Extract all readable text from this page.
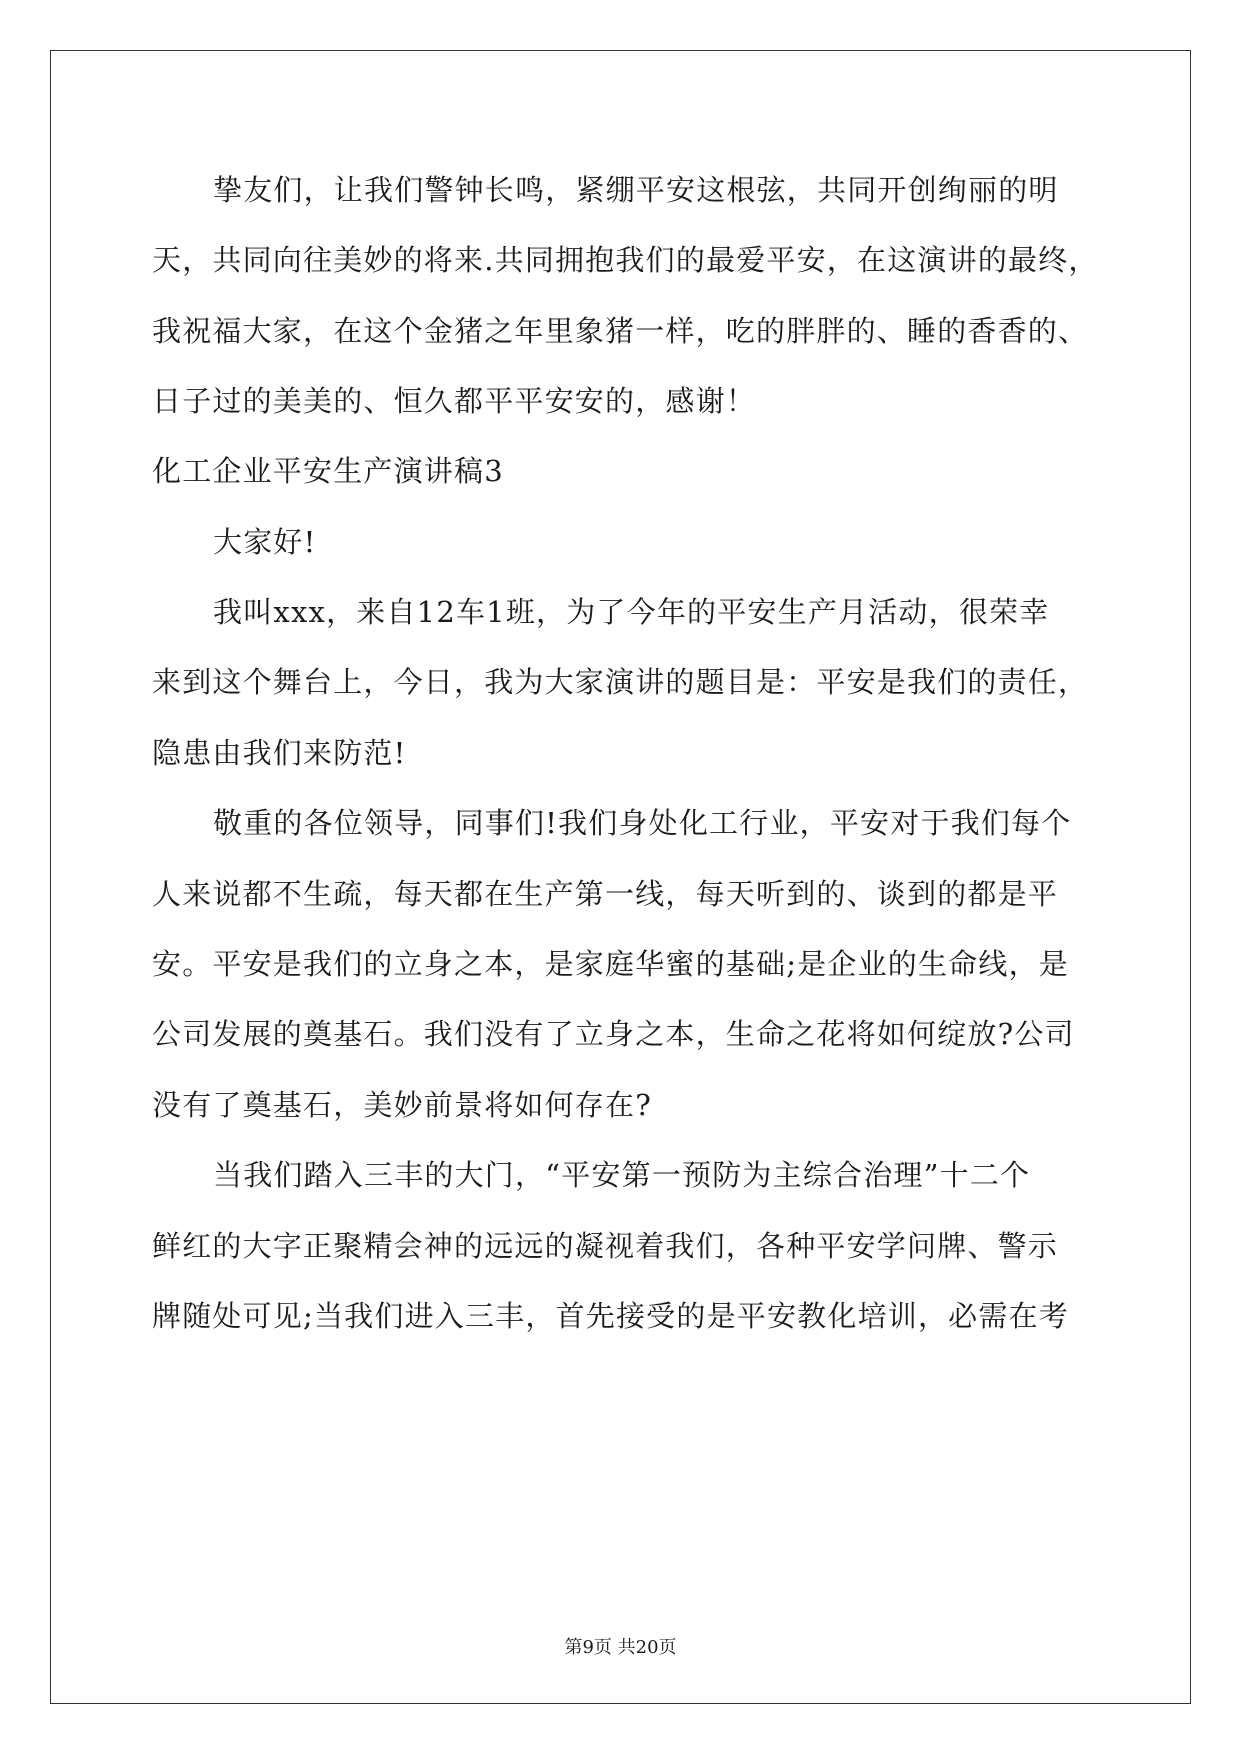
挚友们，让我们警钟长鸣，紧绷平安这根弦，共同开创绚丽的明
天，共同向往美妙的将来.共同拥抱我们的最爱平安，在这演讲的最终，
我祝福大家，在这个金猪之年里象猪一样，吃的胖胖的、睡的香香的、
日子过的美美的、恒久都平平安安的，感谢！
化工企业平安生产演讲稿3
大家好!
我叫xxx，来自12车1班，为了今年的平安生产月活动，很荣幸
来到这个舞台上，今日，我为大家演讲的题目是：平安是我们的责任，
隐患由我们来防范!
敬重的各位领导，同事们!我们身处化工行业，平安对于我们每个
人来说都不生疏，每天都在生产第一线，每天听到的、谈到的都是平
安。平安是我们的立身之本，是家庭华蜜的基础;是企业的生命线，是
公司发展的奠基石。我们没有了立身之本，生命之花将如何绽放?公司
没有了奠基石，美妙前景将如何存在?
当我们踏入三丰的大门，“平安第一预防为主综合治理”十二个
鲜红的大字正聚精会神的远远的凝视着我们，各种平安学问牌、警示
牌随处可见;当我们进入三丰，首先接受的是平安教化培训，必需在考
第9页 共20页
